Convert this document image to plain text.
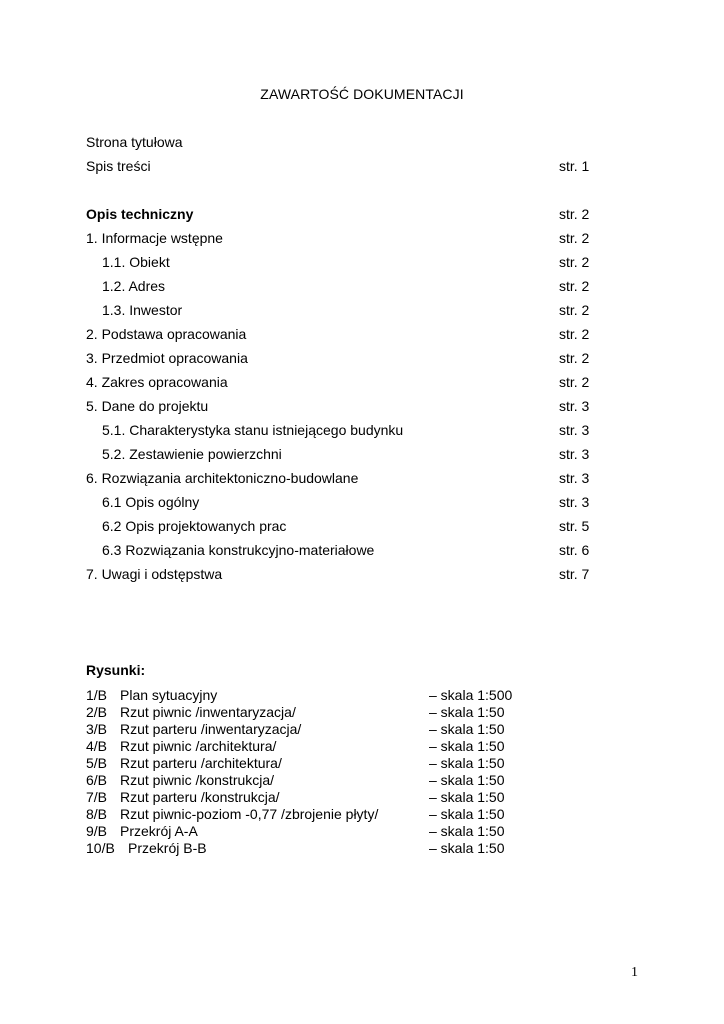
ZAWARTOŚĆ DOKUMENTACJI
Strona tytułowa
Spis treści	str. 1
Opis techniczny	str. 2
1. Informacje wstępne	str. 2
1.1. Obiekt	str. 2
1.2. Adres	str. 2
1.3. Inwestor	str. 2
2. Podstawa opracowania	str. 2
3. Przedmiot opracowania	str. 2
4. Zakres opracowania	str. 2
5. Dane do projektu	str. 3
5.1. Charakterystyka stanu istniejącego budynku	str. 3
5.2. Zestawienie powierzchni	str. 3
6. Rozwiązania architektoniczno-budowlane	str. 3
6.1 Opis ogólny	str. 3
6.2 Opis projektowanych prac	str. 5
6.3 Rozwiązania konstrukcyjno-materiałowe	str. 6
7. Uwagi i odstępstwa	str. 7
Rysunki:
1/B Plan sytuacyjny	– skala 1:500
2/B Rzut piwnic /inwentaryzacja/	– skala 1:50
3/B Rzut parteru /inwentaryzacja/	– skala 1:50
4/B Rzut piwnic /architektura/	– skala 1:50
5/B Rzut parteru /architektura/	– skala 1:50
6/B Rzut piwnic /konstrukcja/	– skala 1:50
7/B Rzut parteru /konstrukcja/	– skala 1:50
8/B Rzut piwnic-poziom -0,77 /zbrojenie płyty/	– skala 1:50
9/B Przekrój A-A	– skala 1:50
10/B Przekrój B-B	– skala 1:50
1
